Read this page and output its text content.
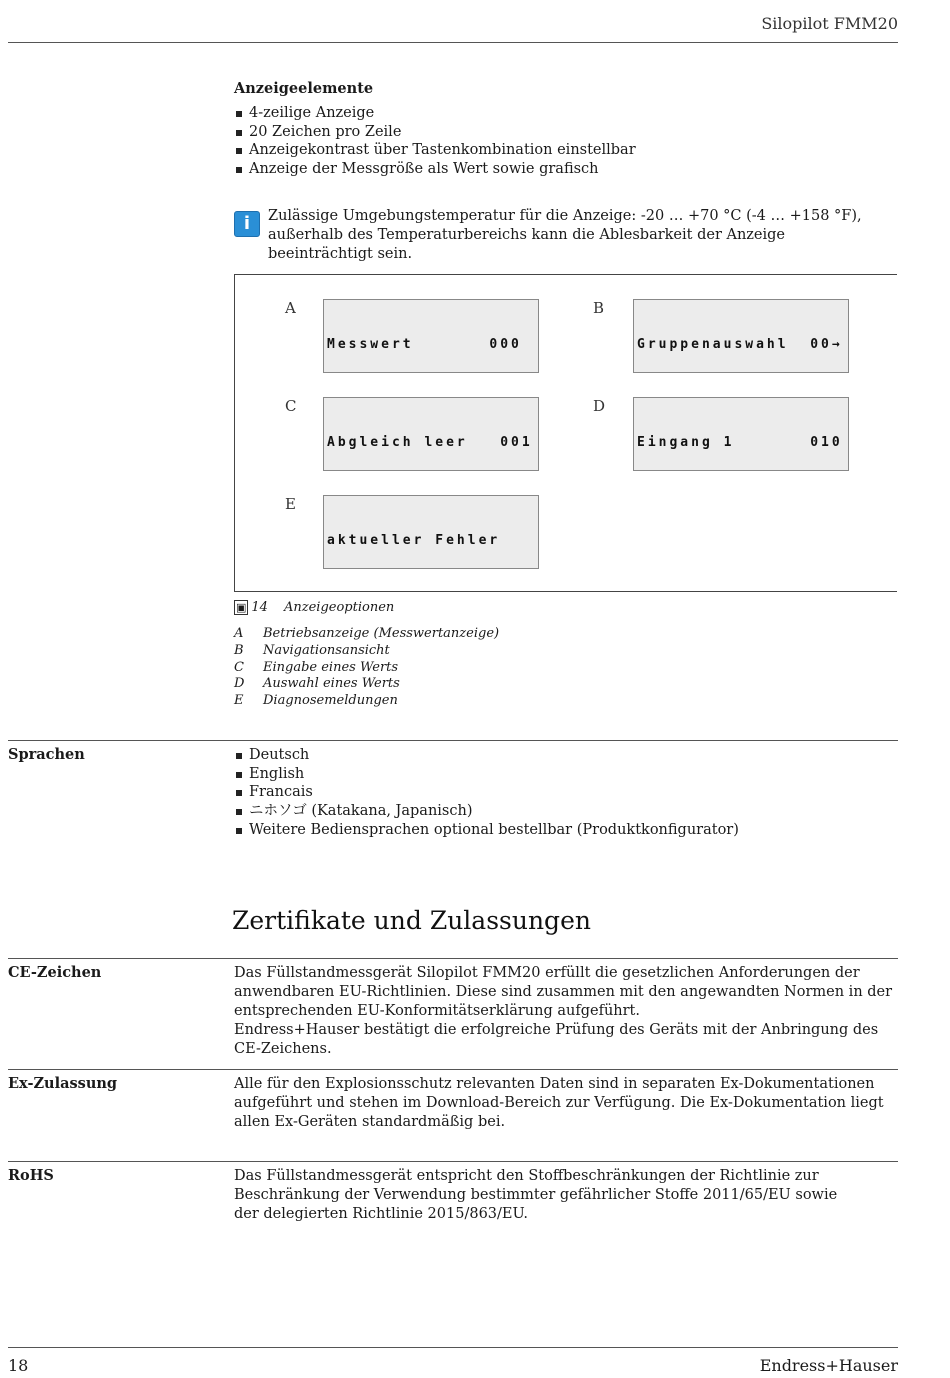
Silopilot FMM20
Anzeigeelemente
4-zeilige Anzeige
20 Zeichen pro Zeile
Anzeigekontrast über Tastenkombination einstellbar
Anzeige der Messgröße als Wert sowie grafisch
i	Zulässige Umgebungstemperatur für die Anzeige: -20 … +70 °C (-4 … +158 °F), außerhalb des Temperaturbereichs kann die Ablesbarkeit der Anzeige beeinträchtigt sein.
A

Messwert       000

B

Gruppenauswahl  00→

C

Abgleich leer   001

D

Eingang 1       010

E

aktueller Fehler

▣ 14 Anzeigeoptionen
A	Betriebsanzeige (Messwertanzeige)
B	Navigationsansicht
C	Eingabe eines Werts
D	Auswahl eines Werts
E	Diagnosemeldungen
Sprachen	Deutsch
English
Francais
ニホソゴ (Katakana, Japanisch)
Weitere Bediensprachen optional bestellbar (Produktkonfigurator)
Zertifikate und Zulassungen
CE-Zeichen	Das Füllstandmessgerät Silopilot FMM20 erfüllt die gesetzlichen Anforderungen der anwendbaren EU-Richtlinien. Diese sind zusammen mit den angewandten Normen in der entsprechenden EU-Konformitätserklärung aufgeführt.
Endress+Hauser bestätigt die erfolgreiche Prüfung des Geräts mit der Anbringung des CE-Zeichens.
Ex-Zulassung	Alle für den Explosionsschutz relevanten Daten sind in separaten Ex-Dokumentationen aufgeführt und stehen im Download-Bereich zur Verfügung. Die Ex-Dokumentation liegt allen Ex-Geräten standardmäßig bei.
RoHS	Das Füllstandmessgerät entspricht den Stoffbeschränkungen der Richtlinie zur Beschränkung der Verwendung bestimmter gefährlicher Stoffe 2011/65/EU sowie der delegierten Richtlinie 2015/863/EU.
18	Endress+Hauser
